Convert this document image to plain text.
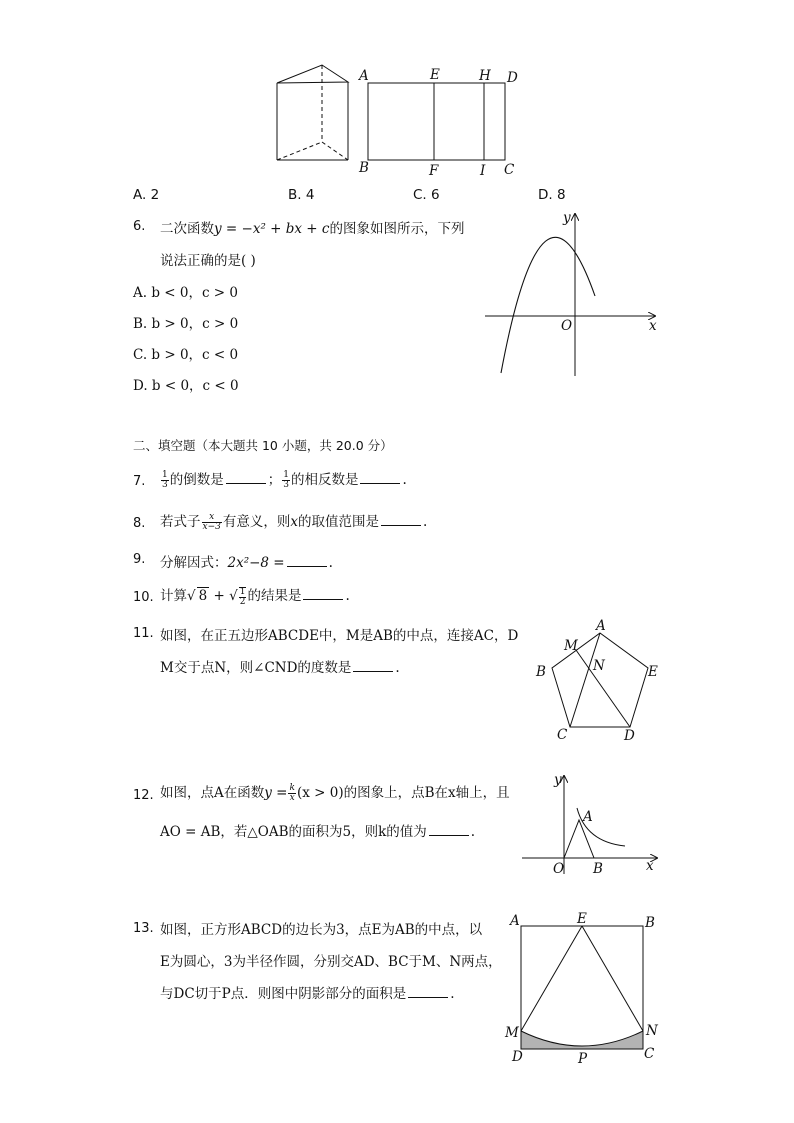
A	E	H D
B	F	I C
A. 2	B. 4	C. 6	D. 8
6. 二次函数y = −x² + bx + c的图象如图所示，下列
说法正确的是( )
A. b < 0，c > 0
B. b > 0，c > 0
C. b > 0，c < 0
D. b < 0，c < 0
y
x
O
二、填空题（本大题共 10 小题，共 20.0 分）
7. $\frac{1}{3}$ 的倒数是	； $\frac{1}{3}$ 的相反数是	.
8. 若式子 $\frac{x}{x-3}$ 有意义，则x的取值范围是	.
9. 分解因式：2x²−8 =	.
10. 计算√ 8 + √ $\frac{1}{2}$ 的结果是	.
11. 如图，在正五边形ABCDE中，M是AB的中点，连接AC，D
M交于点N，则∠CND的度数是	.
A
B
C	D
E
M
N
12. 如图，点A在函数$y = \frac{k}{x} (x > 0)$的图象上，点B在x轴上，且
AO = AB，若△OAB的面积为5，则k的值为	.
y
x
O
A
B
13. 如图，正方形ABCD的边长为3，点E为AB的中点，以
E为圆心，3为半径作圆，分别交AD、BC于M、N两点，
与DC切于P点．则图中阴影部分的面积是	.
A	E	B
M	N
D	P	C
